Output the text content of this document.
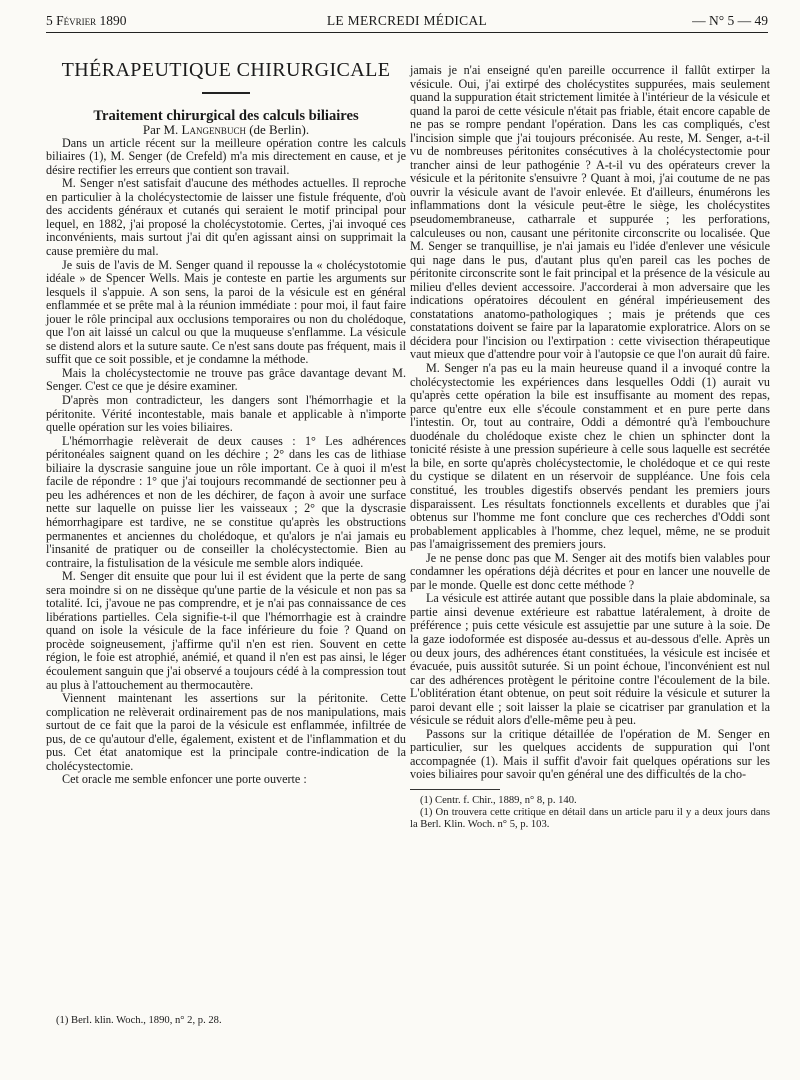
5 Février 1890	LE MERCREDI MÉDICAL	— N° 5 — 49

THÉRAPEUTIQUE CHIRURGICALE

Traitement chirurgical des calculs biliaires

Par M. Langenbuch (de Berlin).

Dans un article récent sur la meilleure opération contre les calculs biliaires (1), M. Senger (de Crefeld) m'a mis directement en cause, et je désire rectifier les erreurs que contient son travail.

M. Senger n'est satisfait d'aucune des méthodes actuelles. Il reproche en particulier à la cholécystectomie de laisser une fistule fréquente, d'où des accidents généraux et cutanés qui seraient le motif principal pour lequel, en 1882, j'ai proposé la cholécystotomie. Certes, j'ai invoqué ces inconvénients, mais surtout j'ai dit qu'en agissant ainsi on supprimait la cause première du mal.

Je suis de l'avis de M. Senger quand il repousse la « cholécystotomie idéale » de Spencer Wells. Mais je conteste en partie les arguments sur lesquels il s'appuie. A son sens, la paroi de la vésicule est en général enflammée et se prête mal à la réunion immédiate : pour moi, il faut faire jouer le rôle principal aux occlusions temporaires ou non du cholédoque, que l'on ait laissé un calcul ou que la muqueuse s'enflamme. La vésicule se distend alors et la suture saute. Ce n'est sans doute pas fréquent, mais il suffit que ce soit possible, et je condamne la méthode.

Mais la cholécystectomie ne trouve pas grâce davantage devant M. Senger. C'est ce que je désire examiner.

D'après mon contradicteur, les dangers sont l'hémorrhagie et la péritonite. Vérité incontestable, mais banale et applicable à n'importe quelle opération sur les voies biliaires.

L'hémorrhagie relèverait de deux causes : 1° Les adhérences péritonéales saignent quand on les déchire ; 2° dans les cas de lithiase biliaire la dyscrasie sanguine joue un rôle important. Ce à quoi il m'est facile de répondre : 1° que j'ai toujours recommandé de sectionner peu à peu les adhérences et non de les déchirer, de façon à avoir une surface nette sur laquelle on puisse lier les vaisseaux ; 2° que la dyscrasie hémorrhagipare est tardive, ne se constitue qu'après les obstructions permanentes et anciennes du cholédoque, et qu'alors je n'ai jamais eu l'insanité de pratiquer ou de conseiller la cholécystectomie. Bien au contraire, la fistulisation de la vésicule me semble alors indiquée.

M. Senger dit ensuite que pour lui il est évident que la perte de sang sera moindre si on ne dissèque qu'une partie de la vésicule et non pas sa totalité. Ici, j'avoue ne pas comprendre, et je n'ai pas connaissance de ces libérations partielles. Cela signifie-t-il que l'hémorrhagie est à craindre quand on isole la vésicule de la face inférieure du foie ? Quand on procède soigneusement, j'affirme qu'il n'en est rien. Souvent en cette région, le foie est atrophié, anémié, et quand il n'en est pas ainsi, le léger écoulement sanguin que j'ai observé a toujours cédé à la compression tout au plus à l'attouchement au thermocautère.

Viennent maintenant les assertions sur la péritonite. Cette complication ne relèverait ordinairement pas de nos manipulations, mais surtout de ce fait que la paroi de la vésicule est enflammée, infiltrée de pus, de ce qu'autour d'elle, également, existent et de l'inflammation et du pus. Cet état anatomique est la principale contre-indication de la cholécystectomie.

Cet oracle me semble enfoncer une porte ouverte :

(1) Berl. klin. Woch., 1890, n° 2, p. 28.

jamais je n'ai enseigné qu'en pareille occurrence il fallût extirper la vésicule. Oui, j'ai extirpé des cholécystites suppurées, mais seulement quand la suppuration était strictement limitée à l'intérieur de la vésicule et quand la paroi de cette vésicule n'était pas friable, était encore capable de ne pas se rompre pendant l'opération. Dans les cas compliqués, c'est l'incision simple que j'ai toujours préconisée. Au reste, M. Senger, a-t-il vu de nombreuses péritonites consécutives à la cholécystectomie pour trancher ainsi de leur pathogénie ? A-t-il vu des opérateurs crever la vésicule et la péritonite s'ensuivre ? Quant à moi, j'ai coutume de ne pas ouvrir la vésicule avant de l'avoir enlevée. Et d'ailleurs, énumérons les inflammations dont la vésicule peut-être le siège, les cholécystites pseudomembraneuse, catharrale et suppurée ; les perforations, calculeuses ou non, causant une péritonite circonscrite ou localisée. Que M. Senger se tranquillise, je n'ai jamais eu l'idée d'enlever une vésicule qui nage dans le pus, d'autant plus qu'en pareil cas les poches de péritonite circonscrite sont le fait principal et la présence de la vésicule au milieu d'elles devient accessoire. J'accorderai à mon adversaire que les indications opératoires découlent en général impérieusement des constatations anatomo-pathologiques ; mais je prétends que ces constatations doivent se faire par la laparatomie exploratrice. Alors on se décidera pour l'incision ou l'extirpation : cette vivisection thérapeutique vaut mieux que d'attendre pour voir à l'autopsie ce que l'on aurait dû faire.

M. Senger n'a pas eu la main heureuse quand il a invoqué contre la cholécystectomie les expériences dans lesquelles Oddi (1) aurait vu qu'après cette opération la bile est insuffisante au moment des repas, parce qu'entre eux elle s'écoule constamment et en pure perte dans l'intestin. Or, tout au contraire, Oddi a démontré qu'à l'embouchure duodénale du cholédoque existe chez le chien un sphincter dont la tonicité résiste à une pression supérieure à celle sous laquelle est secrétée la bile, en sorte qu'après cholécystectomie, le cholédoque et ce qui reste du cystique se dilatent en un réservoir de suppléance. Une fois cela constitué, les troubles digestifs observés pendant les premiers jours disparaissent. Les résultats fonctionnels excellents et durables que j'ai obtenus sur l'homme me font conclure que ces recherches d'Oddi sont probablement applicables à l'homme, chez lequel, même, ne se produit pas l'amaigrissement des premiers jours.

Je ne pense donc pas que M. Senger ait des motifs bien valables pour condamner les opérations déjà décrites et pour en lancer une nouvelle de par le monde. Quelle est donc cette méthode ?

La vésicule est attirée autant que possible dans la plaie abdominale, sa partie ainsi devenue extérieure est rabattue latéralement, à droite de préférence ; puis cette vésicule est assujettie par une suture à la soie. De la gaze iodoformée est disposée au-dessus et au-dessous d'elle. Après un ou deux jours, des adhérences étant constituées, la vésicule est incisée et évacuée, puis aussitôt suturée. Si un point échoue, l'inconvénient est nul car des adhérences protègent le péritoine contre l'écoulement de la bile. L'oblitération étant obtenue, on peut soit réduire la vésicule et suturer la paroi devant elle ; soit laisser la plaie se cicatriser par granulation et la vésicule se réduit alors d'elle-même peu à peu.

Passons sur la critique détaillée de l'opération de M. Senger en particulier, sur les quelques accidents de suppuration qui l'ont accompagnée (1). Mais il suffit d'avoir fait quelques opérations sur les voies biliaires pour savoir qu'en général une des difficultés de la cho-

(1) Centr. f. Chir., 1889, n° 8, p. 140.

(1) On trouvera cette critique en détail dans un article paru il y a deux jours dans la Berl. Klin. Woch. n° 5, p. 103.
